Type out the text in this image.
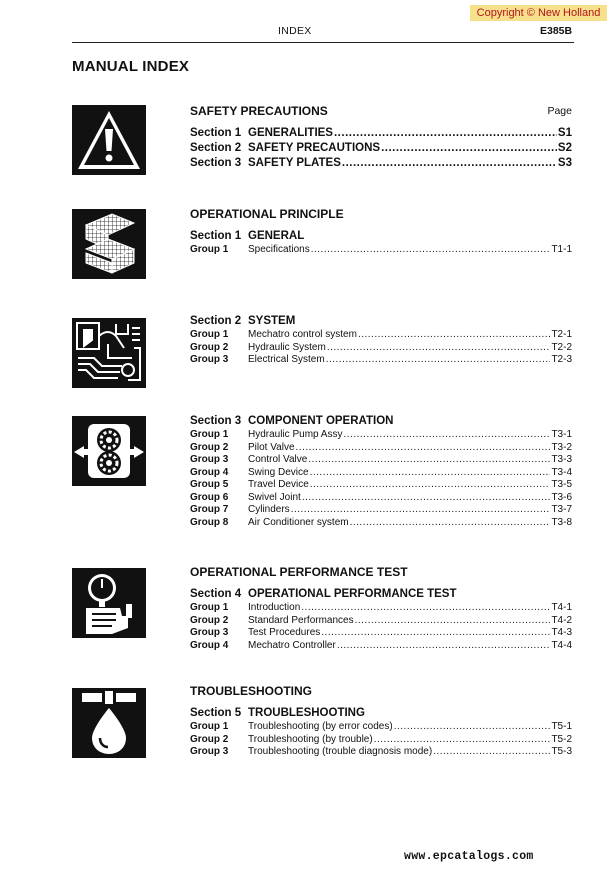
Copyright © New Holland
INDEX	E385B
MANUAL INDEX
SAFETY PRECAUTIONS	Page
Section 1 GENERALITIES .....	S1
Section 2 SAFETY PRECAUTIONS .....	S2
Section 3 SAFETY PLATES .....	S3
OPERATIONAL PRINCIPLE
Section 1 GENERAL
Group 1	Specifications .....	T1-1
Section 2 SYSTEM
Group 1	Mechatro control system .....	T2-1
Group 2	Hydraulic System .....	T2-2
Group 3	Electrical System .....	T2-3
Section 3 COMPONENT OPERATION
Group 1	Hydraulic Pump Assy .....	T3-1
Group 2	Pilot Valve .....	T3-2
Group 3	Control Valve .....	T3-3
Group 4	Swing Device .....	T3-4
Group 5	Travel Device .....	T3-5
Group 6	Swivel Joint .....	T3-6
Group 7	Cylinders .....	T3-7
Group 8	Air Conditioner system .....	T3-8
OPERATIONAL PERFORMANCE TEST
Section 4 OPERATIONAL PERFORMANCE TEST
Group 1	Introduction .....	T4-1
Group 2	Standard Performances .....	T4-2
Group 3	Test Procedures .....	T4-3
Group 4	Mechatro Controller .....	T4-4
TROUBLESHOOTING
Section 5 TROUBLESHOOTING
Group 1	Troubleshooting (by error codes) .....	T5-1
Group 2	Troubleshooting (by trouble) .....	T5-2
Group 3	Troubleshooting (trouble diagnosis mode) .....	T5-3
www.epcatalogs.com
